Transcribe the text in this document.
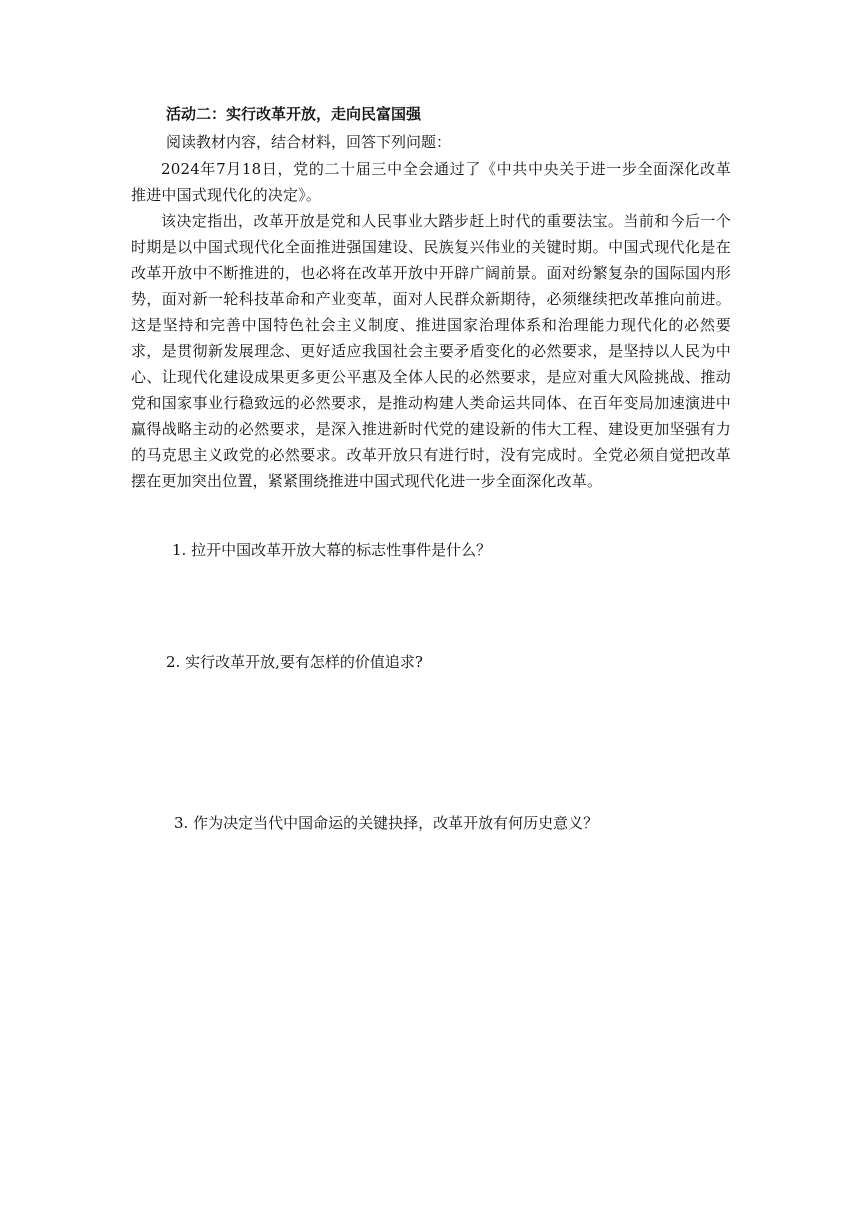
活动二：实行改革开放，走向民富国强
阅读教材内容，结合材料，回答下列问题：

2024年7月18日，党的二十届三中全会通过了《中共中央关于进一步全面深化改革 推进中国式现代化的决定》。

该决定指出，改革开放是党和人民事业大踏步赶上时代的重要法宝。当前和今后一个时期是以中国式现代化全面推进强国建设、民族复兴伟业的关键时期。中国式现代化是在改革开放中不断推进的，也必将在改革开放中开辟广阔前景。面对纷繁复杂的国际国内形势，面对新一轮科技革命和产业变革，面对人民群众新期待，必须继续把改革推向前进。这是坚持和完善中国特色社会主义制度、推进国家治理体系和治理能力现代化的必然要求，是贯彻新发展理念、更好适应我国社会主要矛盾变化的必然要求，是坚持以人民为中心、让现代化建设成果更多更公平惠及全体人民的必然要求，是应对重大风险挑战、推动党和国家事业行稳致远的必然要求，是推动构建人类命运共同体、在百年变局加速演进中赢得战略主动的必然要求，是深入推进新时代党的建设新的伟大工程、建设更加坚强有力的马克思主义政党的必然要求。改革开放只有进行时，没有完成时。全党必须自觉把改革摆在更加突出位置，紧紧围绕推进中国式现代化进一步全面深化改革。

1. 拉开中国改革开放大幕的标志性事件是什么？
2. 实行改革开放,要有怎样的价值追求?
3. 作为决定当代中国命运的关键抉择，改革开放有何历史意义？
